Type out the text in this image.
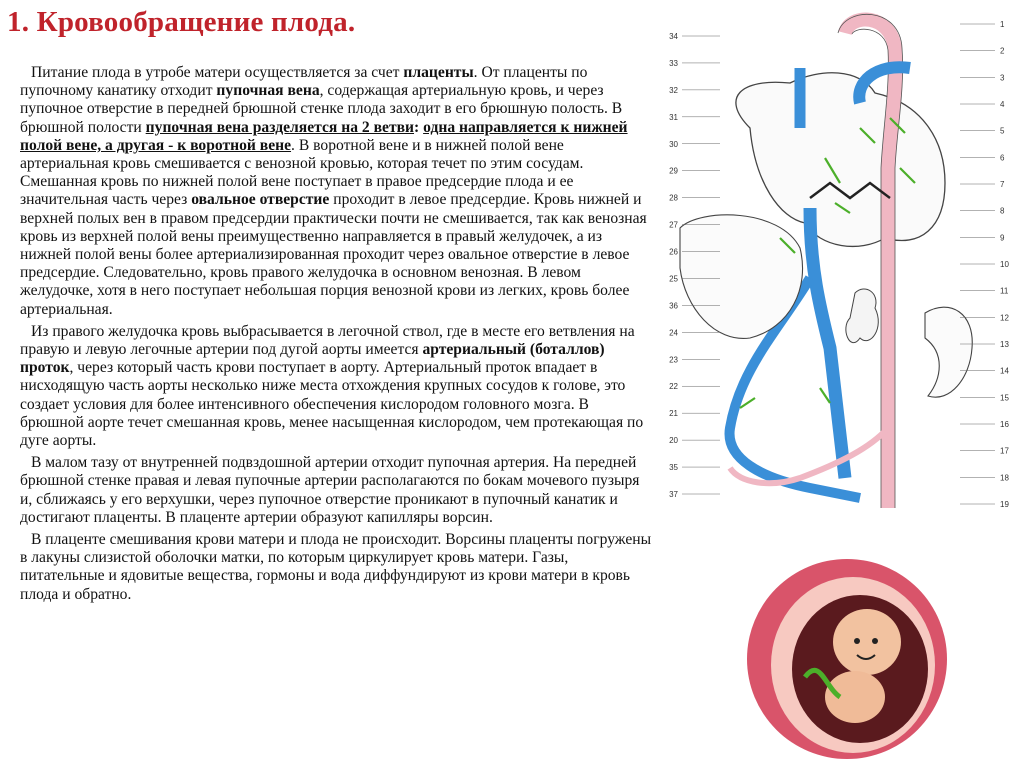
1. Кровообращение плода.

Питание плода в утробе матери осуществляется за счет плаценты. От плаценты по пупочному канатику отходит пупочная вена, содержащая артериальную кровь, и через пупочное отверстие в передней брюшной стенке плода заходит в его брюшную полость. В брюшной полости пупочная вена разделяется на 2 ветви: одна направляется к нижней полой вене, а другая - к воротной вене. В воротной вене и в нижней полой вене артериальная кровь смешивается с венозной кровью, которая течет по этим сосудам. Смешанная кровь по нижней полой вене поступает в правое предсердие плода и ее значительная часть через овальное отверстие проходит в левое предсердие. Кровь нижней и верхней полых вен в правом предсердии практически почти не смешивается, так как венозная кровь из верхней полой вены преимущественно направляется в правый желудочек, а из нижней полой вены более артериализированная проходит через овальное отверстие в левое предсердие. Следовательно, кровь правого желудочка в основном венозная. В левом желудочке, хотя в него поступает небольшая порция венозной крови из легких, кровь более артериальная.

Из правого желудочка кровь выбрасывается в легочной ствол, где в месте его ветвления на правую и левую легочные артерии под дугой аорты имеется артериальный (боталлов) проток, через который часть крови поступает в аорту. Артериальный проток впадает в нисходящую часть аорты несколько ниже места отхождения крупных сосудов к голове, это создает условия для более интенсивного обеспечения кислородом головного мозга. В брюшной аорте течет смешанная кровь, менее насыщенная кислородом, чем протекающая по дуге аорты.

В малом тазу от внутренней подвздошной артерии отходит пупочная артерия. На передней брюшной стенке правая и левая пупочные артерии располагаются по бокам мочевого пузыря и, сближаясь у его верхушки, через пупочное отверстие проникают в пупочный канатик и достигают плаценты. В плаценте артерии образуют капилляры ворсин.

В плаценте смешивания крови матери и плода не происходит. Ворсины плаценты погружены в лакуны слизистой оболочки матки, по которым циркулирует кровь матери. Газы, питательные и ядовитые вещества, гормоны и вода диффундируют из крови матери в кровь плода и обратно.

1
2
3
4
5
6
7
8
9
10
11
12
13
14
15
16
17
18
19
34
33
32
31
30
29
28
27
26
25
36
24
23
22
21
20
35
37
